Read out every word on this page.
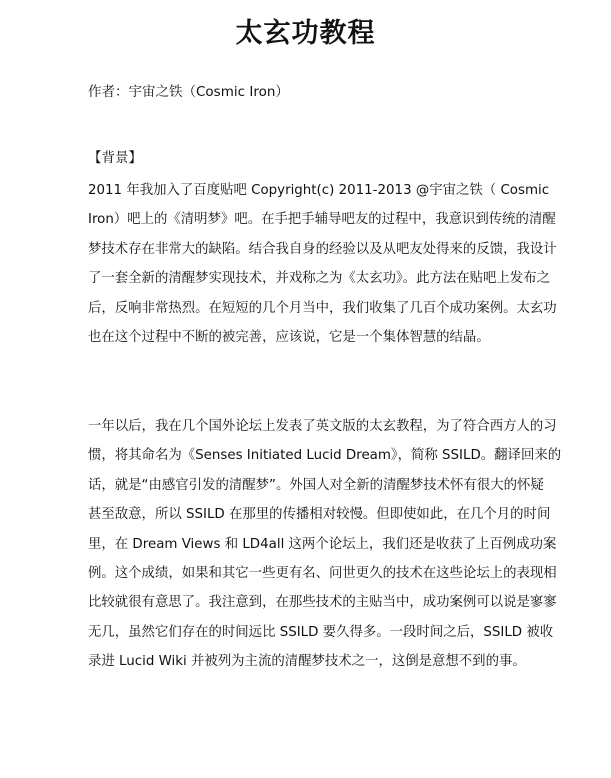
太玄功教程
作者：宇宙之铁（Cosmic Iron）
【背景】
2011 年我加入了百度贴吧 Copyright(c) 2011-2013 @宇宙之铁（ Cosmic
Iron）吧上的《清明梦》吧。在手把手辅导吧友的过程中，我意识到传统的清醒
梦技术存在非常大的缺陷。结合我自身的经验以及从吧友处得来的反馈，我设计
了一套全新的清醒梦实现技术，并戏称之为《太玄功》。此方法在贴吧上发布之
后，反响非常热烈。在短短的几个月当中，我们收集了几百个成功案例。太玄功
也在这个过程中不断的被完善，应该说，它是一个集体智慧的结晶。
一年以后，我在几个国外论坛上发表了英文版的太玄教程，为了符合西方人的习
惯，将其命名为《Senses Initiated Lucid Dream》，简称 SSILD。翻译回来的
话，就是“由感官引发的清醒梦”。外国人对全新的清醒梦技术怀有很大的怀疑
甚至敌意，所以 SSILD 在那里的传播相对较慢。但即使如此，在几个月的时间
里，在 Dream Views 和 LD4all 这两个论坛上，我们还是收获了上百例成功案
例。这个成绩，如果和其它一些更有名、问世更久的技术在这些论坛上的表现相
比较就很有意思了。我注意到，在那些技术的主贴当中，成功案例可以说是寥寥
无几，虽然它们存在的时间远比 SSILD 要久得多。一段时间之后，SSILD 被收
录进 Lucid Wiki 并被列为主流的清醒梦技术之一，这倒是意想不到的事。
